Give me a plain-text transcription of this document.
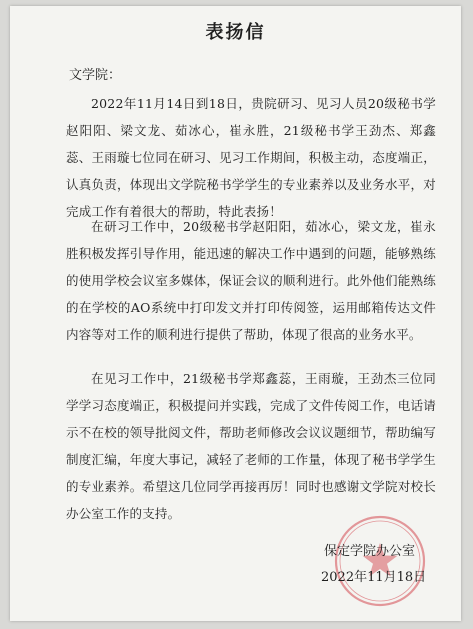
表扬信
文学院：

2022年11月14日到18日，贵院研习、见习人员20级秘书学赵阳阳、梁文龙、茹冰心，崔永胜，21级秘书学王劲杰、郑鑫蕊、王雨璇七位同在研习、见习工作期间，积极主动，态度端正，认真负责，体现出文学院秘书学学生的专业素养以及业务水平，对完成工作有着很大的帮助，特此表扬！

在研习工作中，20级秘书学赵阳阳，茹冰心，梁文龙，崔永胜积极发挥引导作用，能迅速的解决工作中遇到的问题，能够熟练的使用学校会议室多媒体，保证会议的顺利进行。此外他们能熟练的在学校的AO系统中打印发文并打印传阅签，运用邮箱传达文件内容等对工作的顺利进行提供了帮助，体现了很高的业务水平。

在见习工作中，21级秘书学郑鑫蕊，王雨璇，王劲杰三位同学学习态度端正，积极提问并实践，完成了文件传阅工作，电话请示不在校的领导批阅文件，帮助老师修改会议议题细节，帮助编写制度汇编，年度大事记，减轻了老师的工作量，体现了秘书学学生的专业素养。希望这几位同学再接再厉！同时也感谢文学院对校长办公室工作的支持。

保定学院办公室
2022年11月18日
